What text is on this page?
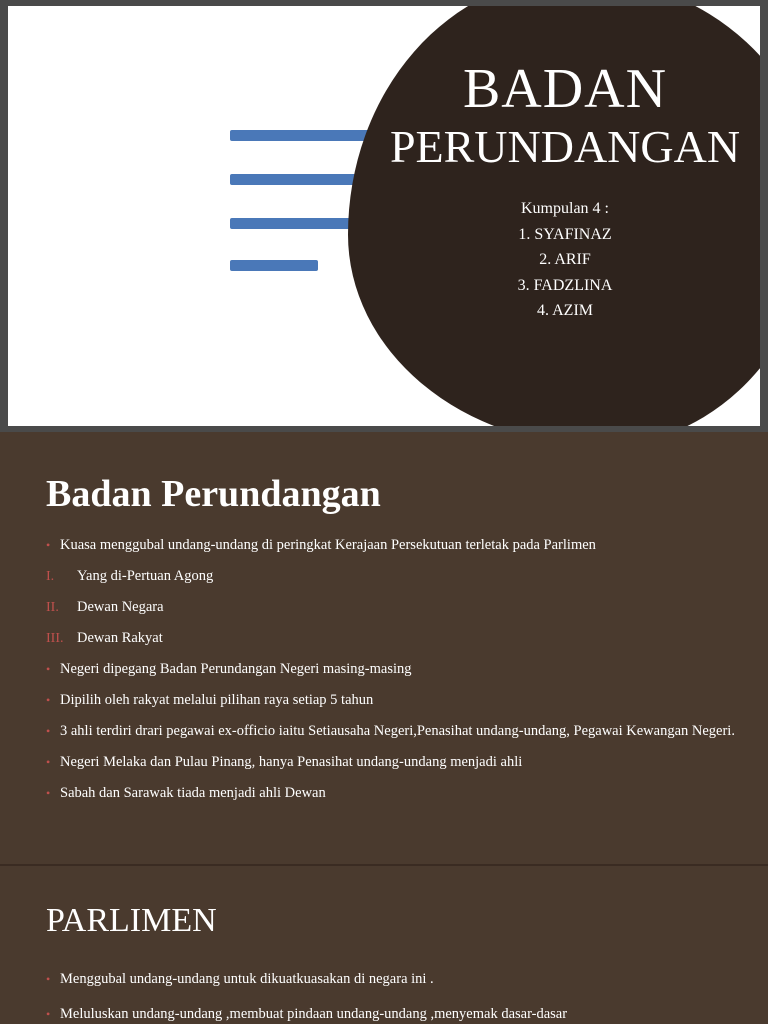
BADAN
PERUNDANGAN
Kumpulan 4 :
1. SYAFINAZ
2. ARIF
3. FADZLINA
4. AZIM
Badan Perundangan
• Kuasa menggubal undang-undang di peringkat Kerajaan Persekutuan terletak pada Parlimen
I. Yang di-Pertuan Agong
II. Dewan Negara
III. Dewan Rakyat
• Negeri dipegang Badan Perundangan Negeri masing-masing
• Dipilih oleh rakyat melalui pilihan raya setiap 5 tahun
• 3 ahli terdiri drari pegawai ex-officio iaitu Setiausaha Negeri,Penasihat undang-undang, Pegawai Kewangan Negeri.
• Negeri Melaka dan Pulau Pinang, hanya Penasihat undang-undang menjadi ahli
• Sabah dan Sarawak tiada menjadi ahli Dewan
PARLIMEN
• Menggubal undang-undang untuk dikuatkuasakan di negara ini .
• Meluluskan undang-undang ,membuat pindaan undang-undang ,menyemak dasar-dasar
